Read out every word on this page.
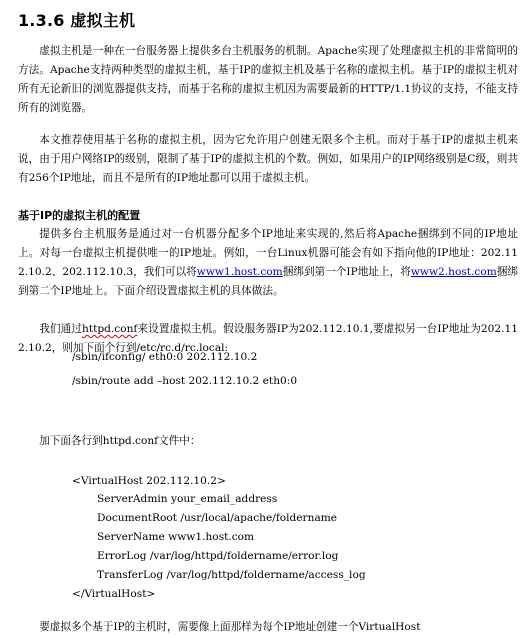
1.3.6 虚拟主机

虚拟主机是一种在一台服务器上提供多台主机服务的机制。Apache实现了处理虚拟主机的非常简明的方法。Apache支持两种类型的虚拟主机，基于IP的虚拟主机及基于名称的虚拟主机。基于IP的虚拟主机对所有无论新旧的浏览器提供支持，而基于名称的虚拟主机因为需要最新的HTTP/1.1协议的支持，不能支持所有的浏览器。

本文推荐使用基于名称的虚拟主机，因为它允许用户创建无限多个主机。而对于基于IP的虚拟主机来说，由于用户网络IP的级别，限制了基于IP的虚拟主机的个数。例如，如果用户的IP网络级别是C级，则共有256个IP地址，而且不是所有的IP地址都可以用于虚拟主机。

基于IP的虚拟主机的配置

提供多台主机服务是通过对一台机器分配多个IP地址来实现的,然后将Apache捆绑到不同的IP地址上。对每一台虚拟主机提供唯一的IP地址。例如，一台Linux机器可能会有如下指向他的IP地址：202.112.10.2、202.112.10.3，我们可以将www1.host.com捆绑到第一个IP地址上，将www2.host.com捆绑到第二个IP地址上。下面介绍设置虚拟主机的具体做法。

我们通过httpd.conf来设置虚拟主机。假设服务器IP为202.112.10.1,要虚拟另一台IP地址为202.112.10.2，则加下面个行到/etc/rc.d/rc.local:

/sbin/ifconfig/ eth0:0 202.112.10.2
/sbin/route add –host 202.112.10.2 eth0:0

加下面各行到httpd.conf文件中：

<VirtualHost 202.112.10.2>
ServerAdmin your_email_address
DocumentRoot /usr/local/apache/foldername
ServerName www1.host.com
ErrorLog /var/log/httpd/foldername/error.log
TransferLog /var/log/httpd/foldername/access_log
</VirtualHost>

要虚拟多个基于IP的主机时，需要像上面那样为每个IP地址创建一个VirtualHost
